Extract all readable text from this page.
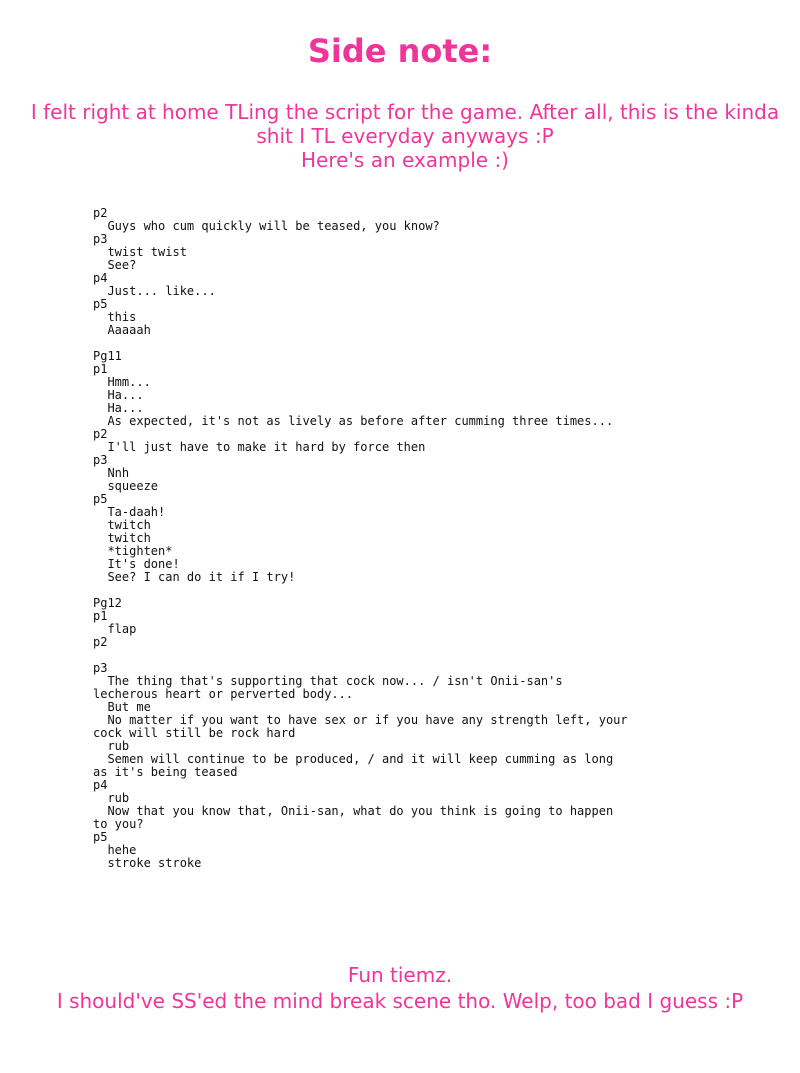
Side note:
I felt right at home TLing the script for the game. After all, this is the kinda
shit I TL everyday anyways :P
Here's an example :)
p2
Guys who cum quickly will be teased, you know?
p3
twist twist
See?
p4
Just... like...
p5
this
Aaaaah

Pg11
p1
Hmm...
Ha...
Ha...
As expected, it's not as lively as before after cumming three times...
p2
I'll just have to make it hard by force then
p3
Nnh
squeeze
p5
Ta-daah!
twitch
twitch
*tighten*
It's done!
See? I can do it if I try!

Pg12
p1
flap
p2

p3
The thing that's supporting that cock now... / isn't Onii-san's
lecherous heart or perverted body...
But me
No matter if you want to have sex or if you have any strength left, your
cock will still be rock hard
rub
Semen will continue to be produced, / and it will keep cumming as long
as it's being teased
p4
rub
Now that you know that, Onii-san, what do you think is going to happen
to you?
p5
hehe
stroke stroke
Fun tiemz.
I should've SS'ed the mind break scene tho. Welp, too bad I guess :P
